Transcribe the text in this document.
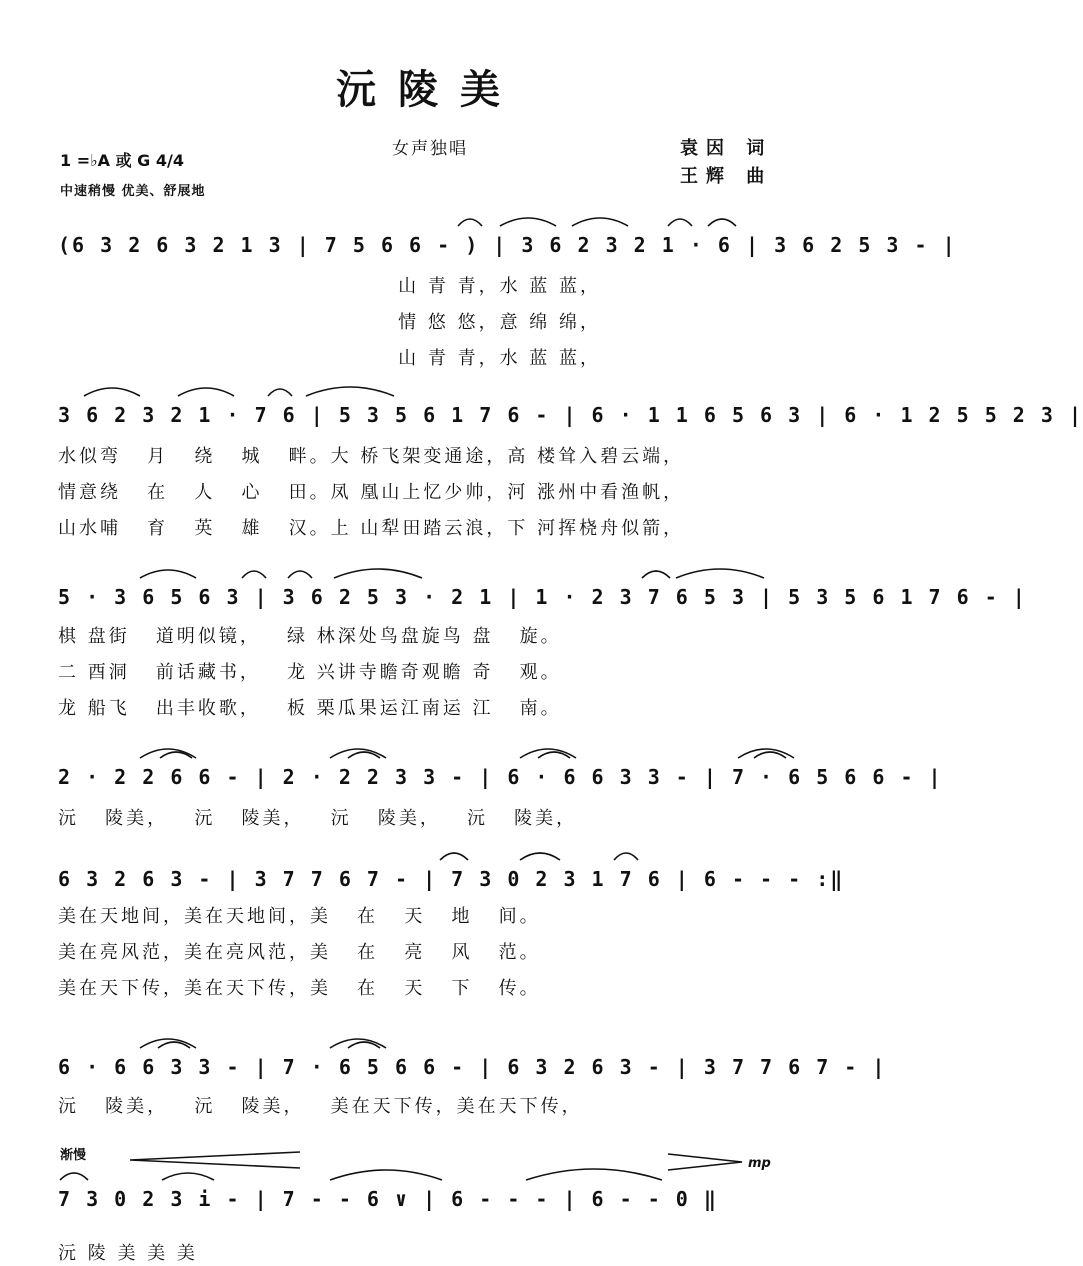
沅陵美
1 =♭A 或 G 4/4
中速稍慢 优美、舒展地
女声独唱	袁因 词
王辉 曲
(6 3 2 6 3 2 1 3 | 7 5 6 6 - ) | 3 6 2 3 2 1 · 6 | 3 6 2 5 3 - |
山 青 青，水 蓝 蓝，
情 悠 悠，意 绵 绵，
山 青 青，水 蓝 蓝，
3 6 2 3 2 1 · 7 6 | 5 3 5 6 1 7 6 - | 6 · 1 1 6 5 6 3 | 6 · 1 2 5 5 2 3 |
水似弯   月   绕   城   畔。大 桥飞架变通途，高 楼耸入碧云端，
情意绕   在   人   心   田。凤 凰山上忆少帅，河 涨州中看渔帆，
山水哺   育   英   雄   汉。上 山犁田踏云浪，下 河挥桡舟似箭，
5 · 3 6 5 6 3 | 3 6 2 5 3 · 2 1 | 1 · 2 3 7 6 5 3 | 5 3 5 6 1 7 6 - |
棋 盘街   道明似镜，   绿 林深处鸟盘旋鸟 盘   旋。
二 酉洞   前话藏书，   龙 兴讲寺瞻奇观瞻 奇   观。
龙 船飞   出丰收歌，   板 栗瓜果运江南运 江   南。
2 · 2 2 6 6 - | 2 · 2 2 3 3 - | 6 · 6 6 3 3 - | 7 · 6 5 6 6 - |
沅   陵美，   沅   陵美，   沅   陵美，   沅   陵美，
6 3 2 6 3 - | 3 7 7 6 7 - | 7 3 0 2 3 1 7 6 | 6 - - - :‖
美在天地间，美在天地间，美   在   天   地   间。
美在亮风范，美在亮风范，美   在   亮   风   范。
美在天下传，美在天下传，美   在   天   下   传。
6 · 6 6 3 3 - | 7 · 6 5 6 6 - | 6 3 2 6 3 - | 3 7 7 6 7 - |
沅   陵美，   沅   陵美，   美在天下传，美在天下传，
渐慢
mp
7 3 0 2 3 i - | 7 - - 6 ∨ | 6 - - - | 6 - - 0 ‖
沅 陵 美 美 美
